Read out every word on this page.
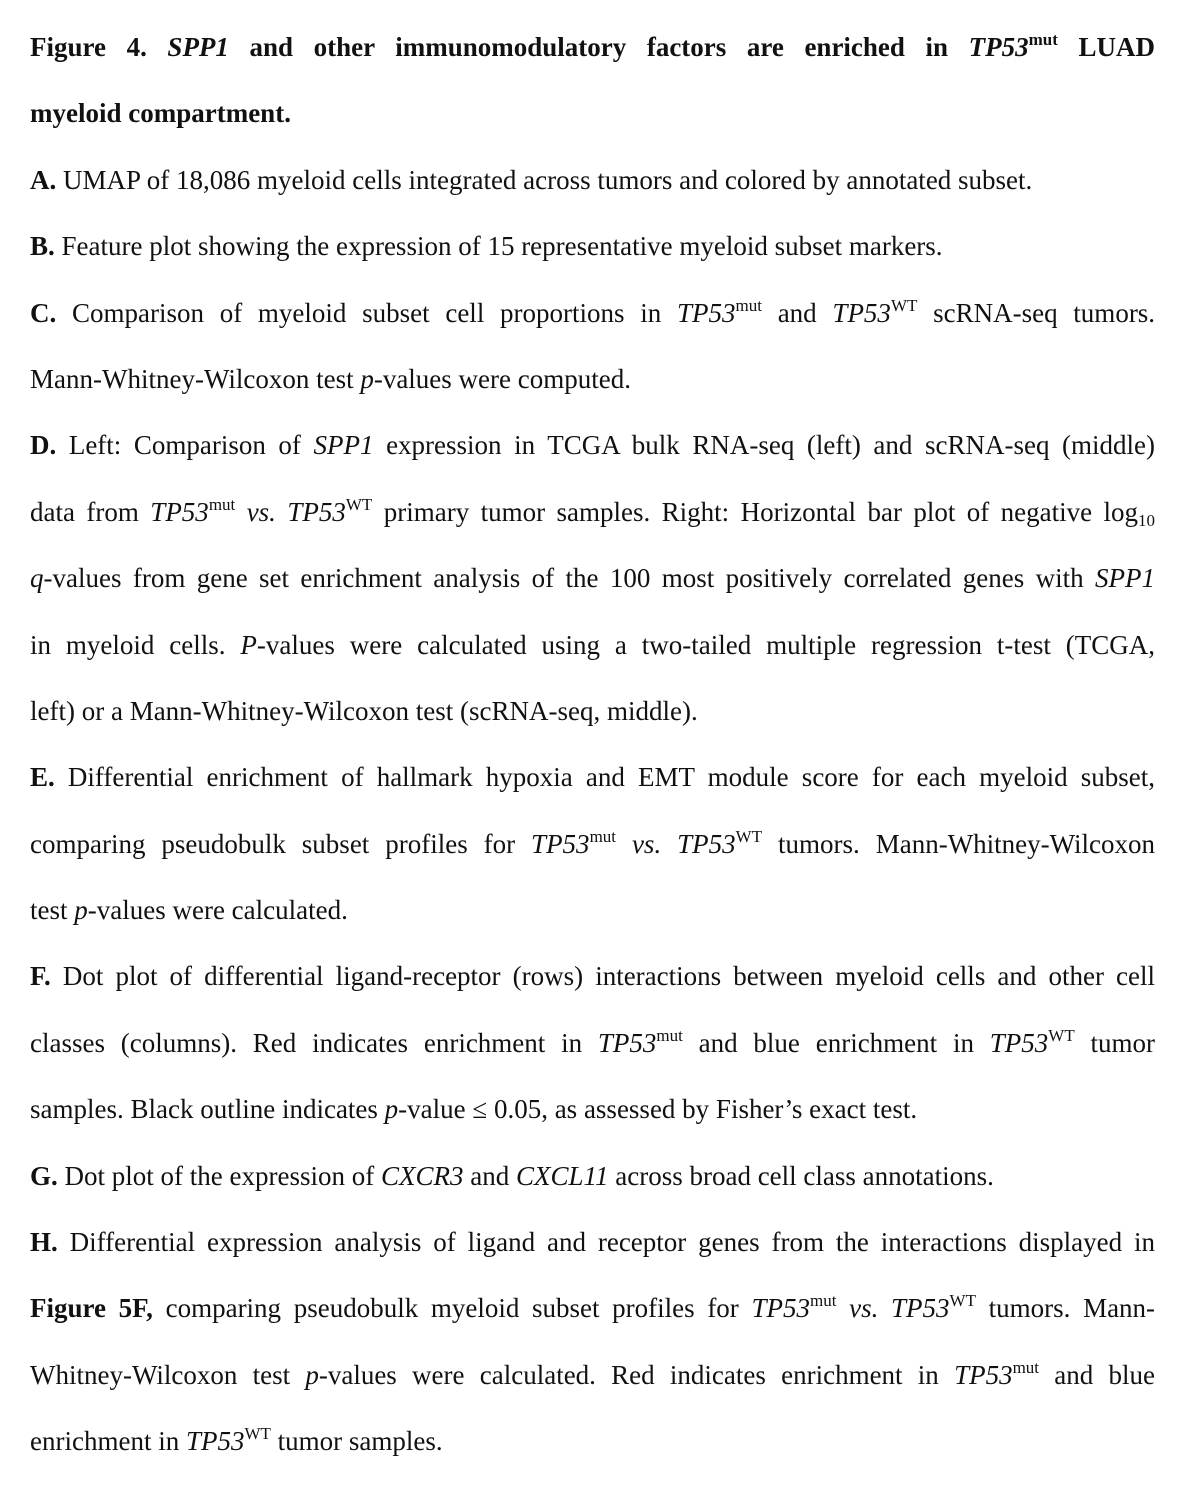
Figure 4. SPP1 and other immunomodulatory factors are enriched in $TP53^{mut}$ LUAD
myeloid compartment.
A. UMAP of 18,086 myeloid cells integrated across tumors and colored by annotated subset.
B. Feature plot showing the expression of 15 representative myeloid subset markers.
C. Comparison of myeloid subset cell proportions in $TP53^{mut}$ and $TP53^{WT}$ scRNA-seq tumors.
Mann-Whitney-Wilcoxon test p-values were computed.
D. Left: Comparison of SPP1 expression in TCGA bulk RNA-seq (left) and scRNA-seq (middle)
data from $TP53^{mut}$ vs. $TP53^{WT}$ primary tumor samples. Right: Horizontal bar plot of negative $\log_{10}$
q-values from gene set enrichment analysis of the 100 most positively correlated genes with SPP1
in myeloid cells. P-values were calculated using a two-tailed multiple regression t-test (TCGA,
left) or a Mann-Whitney-Wilcoxon test (scRNA-seq, middle).
E. Differential enrichment of hallmark hypoxia and EMT module score for each myeloid subset,
comparing pseudobulk subset profiles for $TP53^{mut}$ vs. $TP53^{WT}$ tumors. Mann-Whitney-Wilcoxon
test p-values were calculated.
F. Dot plot of differential ligand-receptor (rows) interactions between myeloid cells and other cell
classes (columns). Red indicates enrichment in $TP53^{mut}$ and blue enrichment in $TP53^{WT}$ tumor
samples. Black outline indicates p-value ≤ 0.05, as assessed by Fisher’s exact test.
G. Dot plot of the expression of CXCR3 and CXCL11 across broad cell class annotations.
H. Differential expression analysis of ligand and receptor genes from the interactions displayed in
Figure 5F, comparing pseudobulk myeloid subset profiles for $TP53^{mut}$ vs. $TP53^{WT}$ tumors. Mann-
Whitney-Wilcoxon test p-values were calculated. Red indicates enrichment in $TP53^{mut}$ and blue
enrichment in $TP53^{WT}$ tumor samples.
